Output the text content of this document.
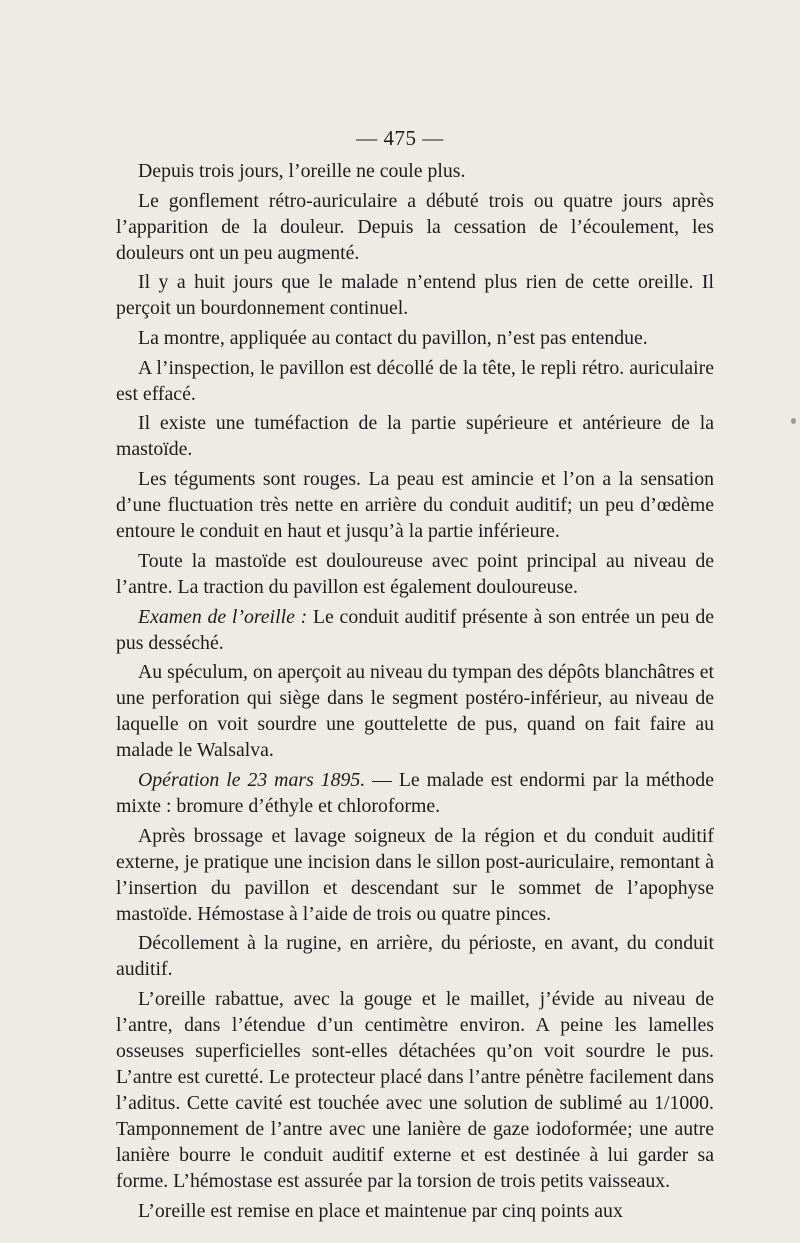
— 475 —

Depuis trois jours, l’oreille ne coule plus.

Le gonflement rétro-auriculaire a débuté trois ou quatre jours après l’apparition de la douleur. Depuis la cessation de l’écoulement, les douleurs ont un peu augmenté.

Il y a huit jours que le malade n’entend plus rien de cette oreille. Il perçoit un bourdonnement continuel.

La montre, appliquée au contact du pavillon, n’est pas entendue.

A l’inspection, le pavillon est décollé de la tête, le repli rétro. auriculaire est effacé.

Il existe une tuméfaction de la partie supérieure et antérieure de la mastoïde.

Les téguments sont rouges. La peau est amincie et l’on a la sensation d’une fluctuation très nette en arrière du conduit auditif; un peu d’œdème entoure le conduit en haut et jusqu’à la partie inférieure.

Toute la mastoïde est douloureuse avec point principal au niveau de l’antre. La traction du pavillon est également douloureuse.

Examen de l’oreille : Le conduit auditif présente à son entrée un peu de pus desséché.

Au spéculum, on aperçoit au niveau du tympan des dépôts blanchâtres et une perforation qui siège dans le segment postéro-inférieur, au niveau de laquelle on voit sourdre une gouttelette de pus, quand on fait faire au malade le Walsalva.

Opération le 23 mars 1895. — Le malade est endormi par la méthode mixte : bromure d’éthyle et chloroforme.

Après brossage et lavage soigneux de la région et du conduit auditif externe, je pratique une incision dans le sillon post-auriculaire, remontant à l’insertion du pavillon et descendant sur le sommet de l’apophyse mastoïde. Hémostase à l’aide de trois ou quatre pinces.

Décollement à la rugine, en arrière, du périoste, en avant, du conduit auditif.

L’oreille rabattue, avec la gouge et le maillet, j’évide au niveau de l’antre, dans l’étendue d’un centimètre environ. A peine les lamelles osseuses superficielles sont-elles détachées qu’on voit sourdre le pus. L’antre est curetté. Le protecteur placé dans l’antre pénètre facilement dans l’aditus. Cette cavité est touchée avec une solution de sublimé au 1/1000. Tamponnement de l’antre avec une lanière de gaze iodoformée; une autre lanière bourre le conduit auditif externe et est destinée à lui garder sa forme. L’hémostase est assurée par la torsion de trois petits vaisseaux.

L’oreille est remise en place et maintenue par cinq points aux
